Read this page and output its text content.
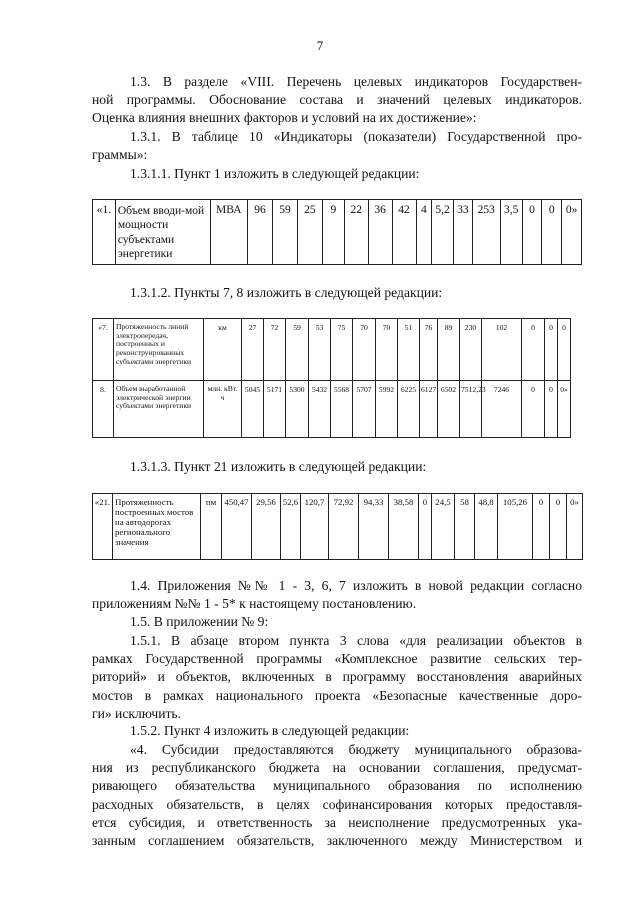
7
1.3. В разделе «VIII. Перечень целевых индикаторов Государствен-
ной программы. Обоснование состава и значений целевых индикаторов.
Оценка влияния внешних факторов и условий на их достижение»:
1.3.1. В таблице 10 «Индикаторы (показатели) Государственной про-
граммы»:
1.3.1.1. Пункт 1 изложить в следующей редакции:
«1.	Объем вводи-мой мощности субъектами энергетики	МВА	96	59	25	9	22	36	42	4	5,2	33	253	3,5	0	0	0»
1.3.1.2. Пункты 7, 8 изложить в следующей редакции:
«7.	Протяженность линий электропередач, построенных и реконструированных субъектами энергетики	км	27	72	59	53	75	70	70	51	76	89	230	102	0	0	0
8.	Объем выработанной электрической энергии субъектами энергетики	млн. кВт. ч	5045	5171	5300	5432	5568	5707	5992	6225	6127	6502	7512,23	7246	0	0	0»
1.3.1.3. Пункт 21 изложить в следующей редакции:
«21.	Протяженность построенных мостов на автодорогах регионального значения	пм	450,47	29,56	52,6	120,7	72,92	94,33	38,58	0	24,5	58	48,8	105,26	0	0	0»
1.4. Приложения №№ 1 - 3, 6, 7 изложить в новой редакции согласно
приложениям №№ 1 - 5* к настоящему постановлению.
1.5. В приложении № 9:
1.5.1. В абзаце втором пункта 3 слова «для реализации объектов в
рамках Государственной программы «Комплексное развитие сельских тер-
риторий» и объектов, включенных в программу восстановления аварийных
мостов в рамках национального проекта «Безопасные качественные доро-
ги» исключить.
1.5.2. Пункт 4 изложить в следующей редакции:
«4. Субсидии предоставляются бюджету муниципального образова-
ния из республиканского бюджета на основании соглашения, предусмат-
ривающего обязательства муниципального образования по исполнению
расходных обязательств, в целях софинансирования которых предоставля-
ется субсидия, и ответственность за неисполнение предусмотренных ука-
занным соглашением обязательств, заключенного между Министерством и
